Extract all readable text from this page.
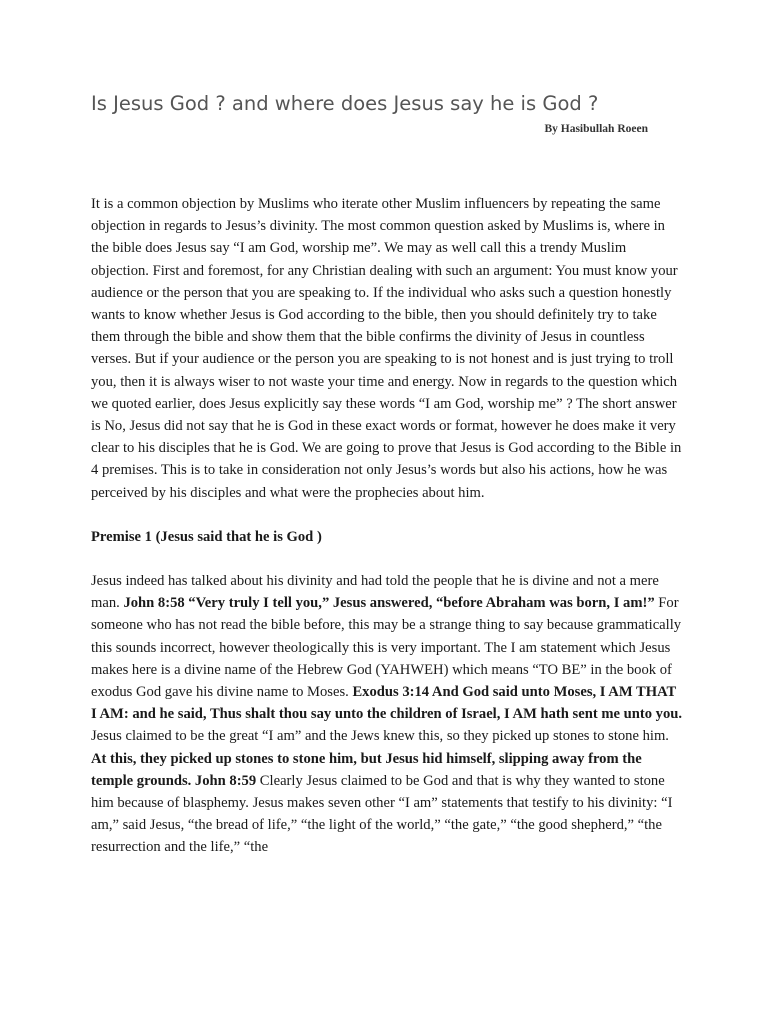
Is Jesus God ? and where does Jesus say he is God ?
By Hasibullah Roeen

It is a common objection by Muslims who iterate other Muslim influencers by repeating the same objection in regards to Jesus’s divinity. The most common question asked by Muslims is, where in the bible does Jesus say “I am God, worship me”. We may as well call this a trendy Muslim objection. First and foremost, for any Christian dealing with such an argument: You must know your audience or the person that you are speaking to. If the individual who asks such a question honestly wants to know whether Jesus is God according to the bible, then you should definitely try to take them through the bible and show them that the bible confirms the divinity of Jesus in countless verses. But if your audience or the person you are speaking to is not honest and is just trying to troll you, then it is always wiser to not waste your time and energy. Now in regards to the question which we quoted earlier, does Jesus explicitly say these words “I am God, worship me” ? The short answer is No, Jesus did not say that he is God in these exact words or format, however he does make it very clear to his disciples that he is God. We are going to prove that Jesus is God according to the Bible in 4 premises. This is to take in consideration not only Jesus’s words but also his actions, how he was perceived by his disciples and what were the prophecies about him.

Premise 1 (Jesus said that he is God )

Jesus indeed has talked about his divinity and had told the people that he is divine and not a mere man. John 8:58 “Very truly I tell you,” Jesus answered, “before Abraham was born, I am!” For someone who has not read the bible before, this may be a strange thing to say because grammatically this sounds incorrect, however theologically this is very important. The I am statement which Jesus makes here is a divine name of the Hebrew God (YAHWEH) which means “TO BE” in the book of exodus God gave his divine name to Moses. Exodus 3:14 And God said unto Moses, I AM THAT I AM: and he said, Thus shalt thou say unto the children of Israel, I AM hath sent me unto you. Jesus claimed to be the great “I am” and the Jews knew this, so they picked up stones to stone him. At this, they picked up stones to stone him, but Jesus hid himself, slipping away from the temple grounds. John 8:59 Clearly Jesus claimed to be God and that is why they wanted to stone him because of blasphemy. Jesus makes seven other “I am” statements that testify to his divinity: “I am,” said Jesus, “the bread of life,” “the light of the world,” “the gate,” “the good shepherd,” “the resurrection and the life,” “the
